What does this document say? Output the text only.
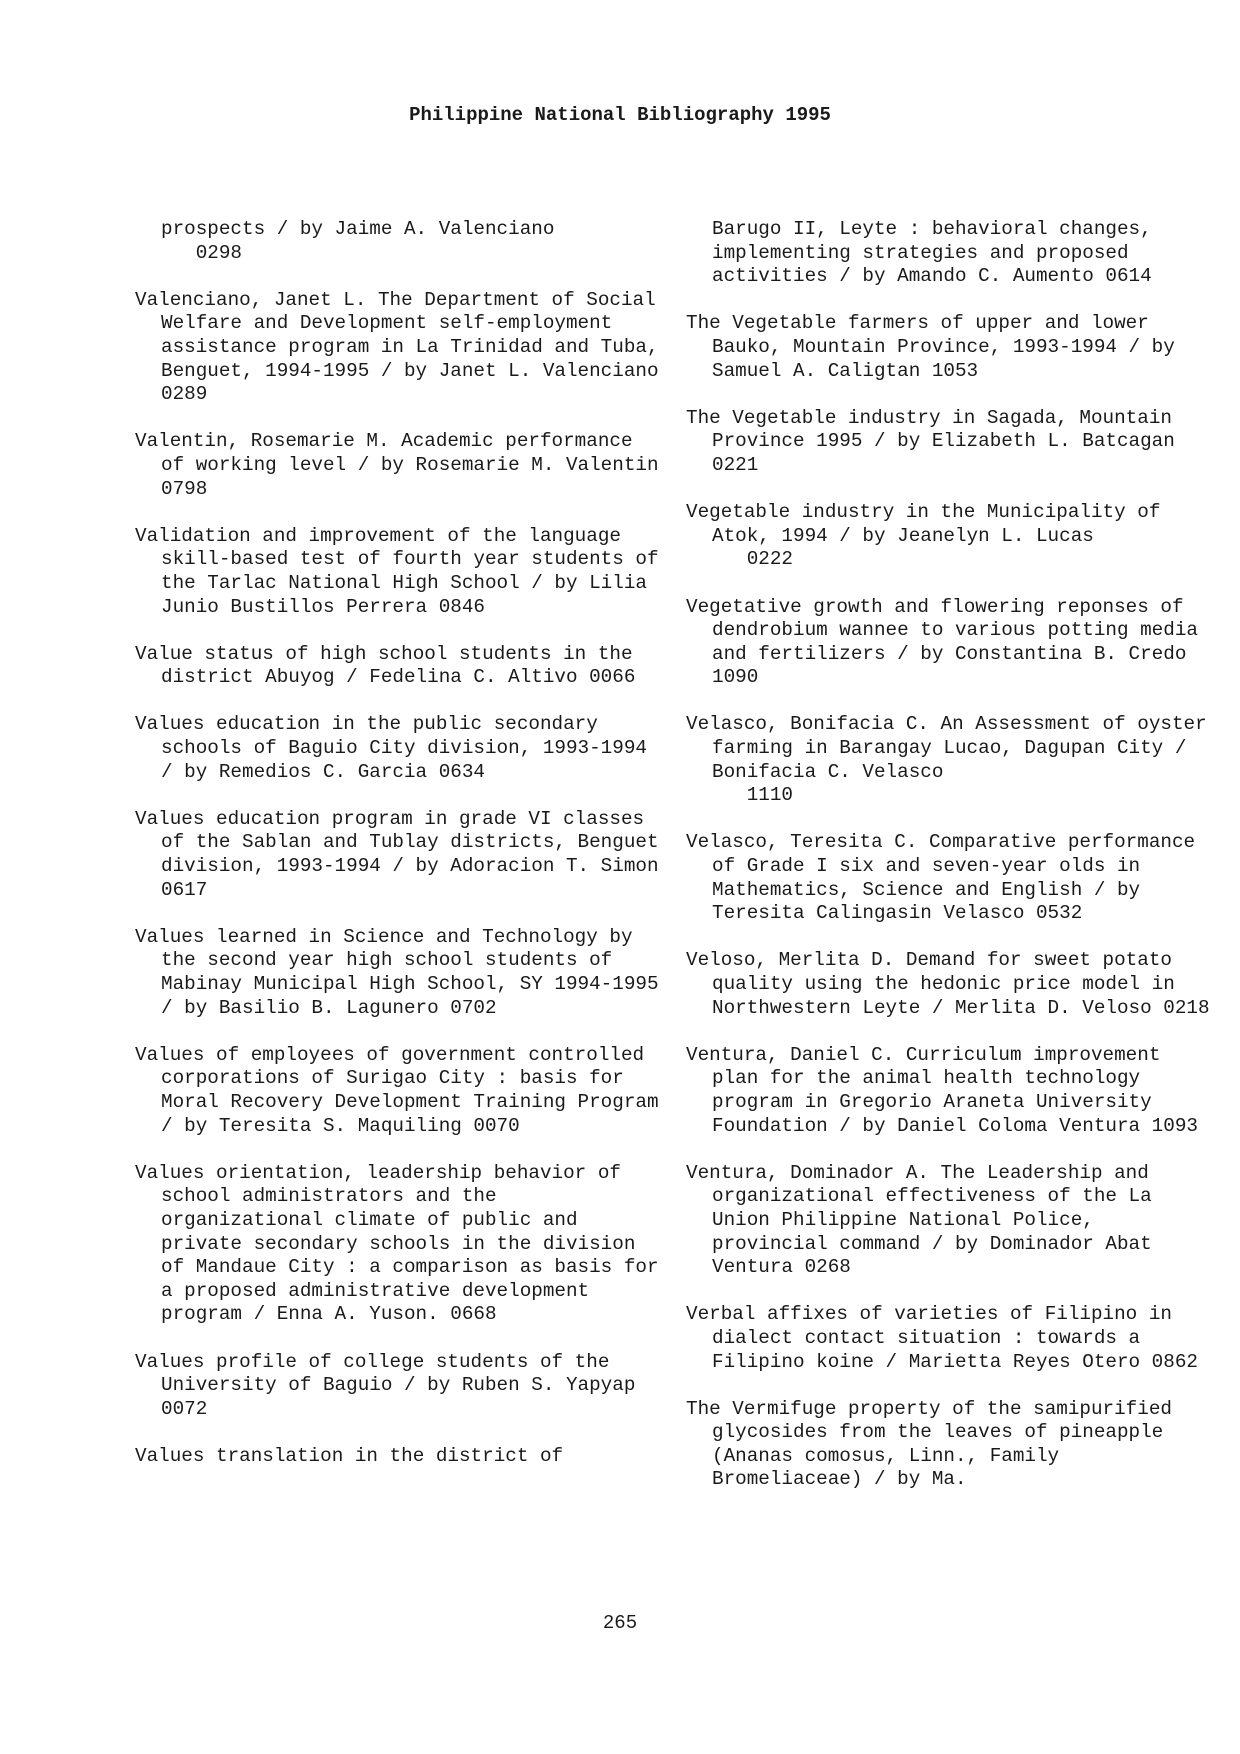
Philippine National Bibliography 1995

prospects / by Jaime A. Valenciano
0298

Valenciano, Janet L. The Department of Social Welfare and Development self-employment assistance program in La Trinidad and Tuba, Benguet, 1994-1995 / by Janet L. Valenciano 0289

Valentin, Rosemarie M. Academic performance of working level / by Rosemarie M. Valentin 0798

Validation and improvement of the language skill-based test of fourth year students of the Tarlac National High School / by Lilia Junio Bustillos Perrera 0846

Value status of high school students in the district Abuyog / Fedelina C. Altivo 0066

Values education in the public secondary schools of Baguio City division, 1993-1994 / by Remedios C. Garcia 0634

Values education program in grade VI classes of the Sablan and Tublay districts, Benguet division, 1993-1994 / by Adoracion T. Simon 0617

Values learned in Science and Technology by the second year high school students of Mabinay Municipal High School, SY 1994-1995 / by Basilio B. Lagunero 0702

Values of employees of government controlled corporations of Surigao City : basis for Moral Recovery Development Training Program / by Teresita S. Maquiling 0070

Values orientation, leadership behavior of school administrators and the organizational climate of public and private secondary schools in the division of Mandaue City : a comparison as basis for a proposed administrative development program / Enna A. Yuson. 0668

Values profile of college students of the University of Baguio / by Ruben S. Yapyap 0072

Values translation in the district of

Barugo II, Leyte : behavioral changes, implementing strategies and proposed activities / by Amando C. Aumento 0614

The Vegetable farmers of upper and lower Bauko, Mountain Province, 1993-1994 / by Samuel A. Caligtan 1053

The Vegetable industry in Sagada, Mountain Province 1995 / by Elizabeth L. Batcagan 0221

Vegetable industry in the Municipality of Atok, 1994 / by Jeanelyn L. Lucas
0222

Vegetative growth and flowering reponses of dendrobium wannee to various potting media and fertilizers / by Constantina B. Credo 1090

Velasco, Bonifacia C. An Assessment of oyster farming in Barangay Lucao, Dagupan City / Bonifacia C. Velasco
1110

Velasco, Teresita C. Comparative performance of Grade I six and seven-year olds in Mathematics, Science and English / by Teresita Calingasin Velasco 0532

Veloso, Merlita D. Demand for sweet potato quality using the hedonic price model in Northwestern Leyte / Merlita D. Veloso 0218

Ventura, Daniel C. Curriculum improvement plan for the animal health technology program in Gregorio Araneta University Foundation / by Daniel Coloma Ventura 1093

Ventura, Dominador A. The Leadership and organizational effectiveness of the La Union Philippine National Police, provincial command / by Dominador Abat Ventura 0268

Verbal affixes of varieties of Filipino in dialect contact situation : towards a Filipino koine / Marietta Reyes Otero 0862

The Vermifuge property of the samipurified glycosides from the leaves of pineapple (Ananas comosus, Linn., Family Bromeliaceae) / by Ma.

265
